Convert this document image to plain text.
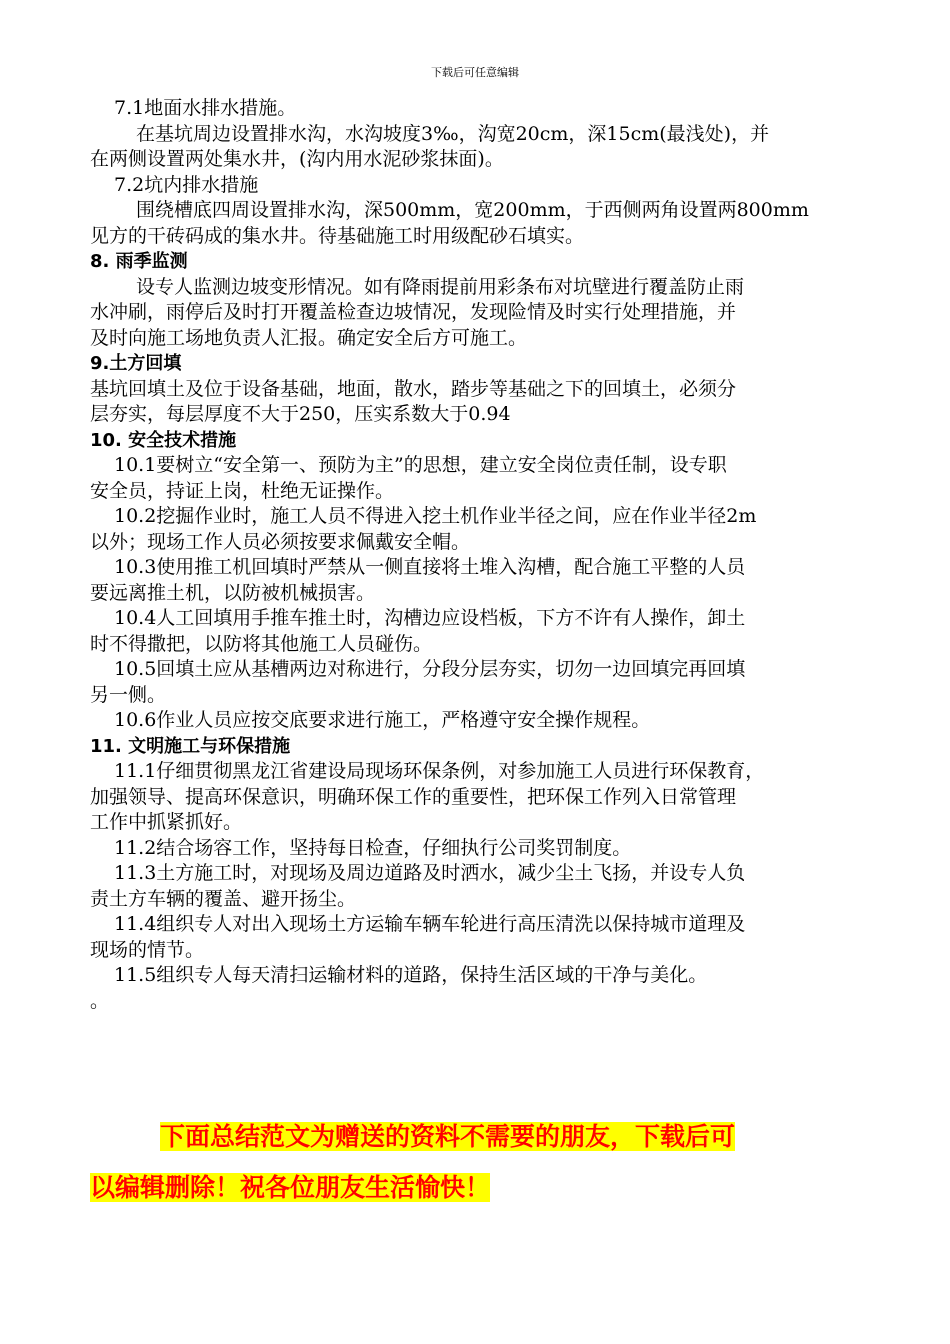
下载后可任意编辑
7.1地面水排水措施。
在基坑周边设置排水沟，水沟坡度3‰，沟宽20cm，深15cm(最浅处)，并
在两侧设置两处集水井，(沟内用水泥砂浆抹面)。
7.2坑内排水措施
围绕槽底四周设置排水沟，深500mm，宽200mm，于西侧两角设置两800mm
见方的干砖码成的集水井。待基础施工时用级配砂石填实。
8. 雨季监测
设专人监测边坡变形情况。如有降雨提前用彩条布对坑壁进行覆盖防止雨
水冲刷，雨停后及时打开覆盖检查边坡情况，发现险情及时实行处理措施，并
及时向施工场地负责人汇报。确定安全后方可施工。
9.土方回填
基坑回填土及位于设备基础，地面，散水，踏步等基础之下的回填土，必须分
层夯实，每层厚度不大于250，压实系数大于0.94
10. 安全技术措施
10.1要树立“安全第一、预防为主”的思想，建立安全岗位责任制，设专职
安全员，持证上岗，杜绝无证操作。
10.2挖掘作业时，施工人员不得进入挖土机作业半径之间，应在作业半径2m
以外；现场工作人员必须按要求佩戴安全帽。
10.3使用推工机回填时严禁从一侧直接将土堆入沟槽，配合施工平整的人员
要远离推土机，以防被机械损害。
10.4人工回填用手推车推土时，沟槽边应设档板，下方不许有人操作，卸土
时不得撒把，以防将其他施工人员碰伤。
10.5回填土应从基槽两边对称进行，分段分层夯实，切勿一边回填完再回填
另一侧。
10.6作业人员应按交底要求进行施工，严格遵守安全操作规程。
11. 文明施工与环保措施
11.1仔细贯彻黑龙江省建设局现场环保条例，对参加施工人员进行环保教育，
加强领导、提高环保意识，明确环保工作的重要性，把环保工作列入日常管理
工作中抓紧抓好。
11.2结合场容工作，坚持每日检查，仔细执行公司奖罚制度。
11.3土方施工时，对现场及周边道路及时洒水，减少尘土飞扬，并设专人负
责土方车辆的覆盖、避开扬尘。
11.4组织专人对出入现场土方运输车辆车轮进行高压清洗以保持城市道理及
现场的情节。
11.5组织专人每天清扫运输材料的道路，保持生活区域的干净与美化。
。
下面总结范文为赠送的资料不需要的朋友，下载后可
以编辑删除！祝各位朋友生活愉快！
